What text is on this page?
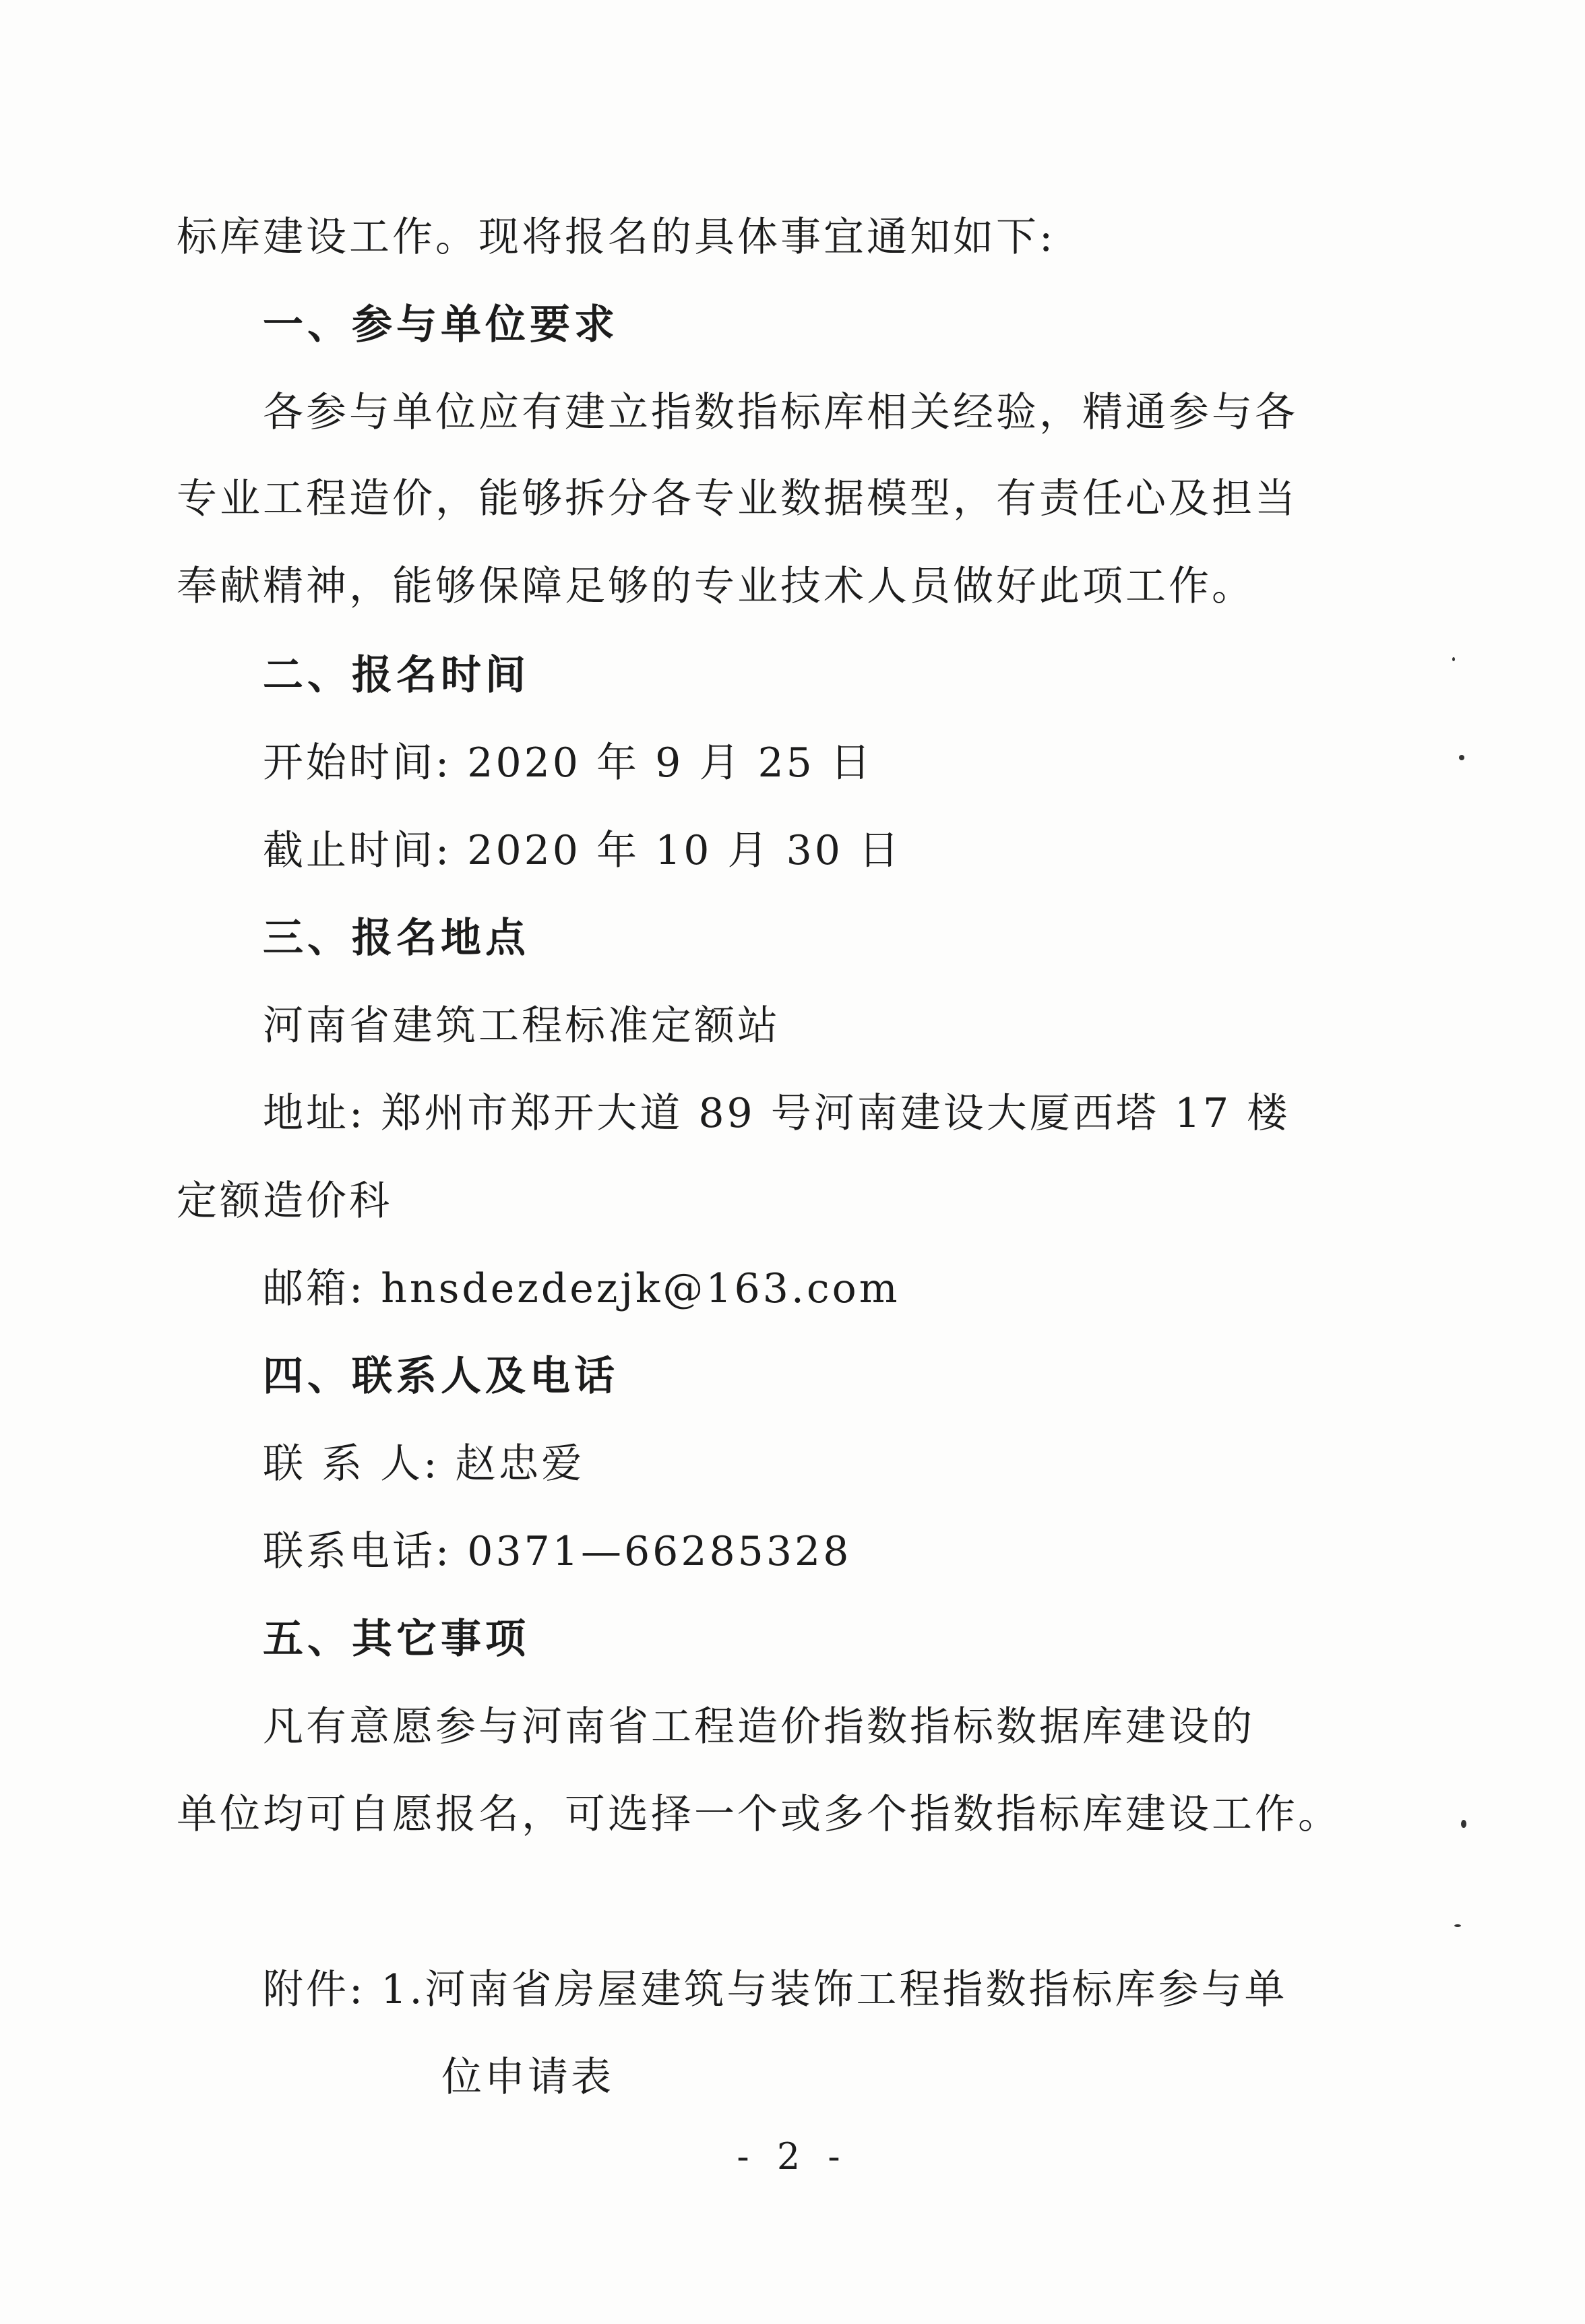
标库建设工作。现将报名的具体事宜通知如下:
一、参与单位要求
各参与单位应有建立指数指标库相关经验，精通参与各
专业工程造价，能够拆分各专业数据模型，有责任心及担当
奉献精神，能够保障足够的专业技术人员做好此项工作。
二、报名时间
开始时间: 2020 年 9 月 25 日
截止时间: 2020 年 10 月 30 日
三、报名地点
河南省建筑工程标准定额站
地址: 郑州市郑开大道 89 号河南建设大厦西塔 17 楼
定额造价科
邮箱: hnsdezdezjk@163.com
四、联系人及电话
联 系 人: 赵忠爱
联系电话: 0371—66285328
五、其它事项
凡有意愿参与河南省工程造价指数指标数据库建设的
单位均可自愿报名，可选择一个或多个指数指标库建设工作。
附件: 1.河南省房屋建筑与装饰工程指数指标库参与单
位申请表
- 2 -
